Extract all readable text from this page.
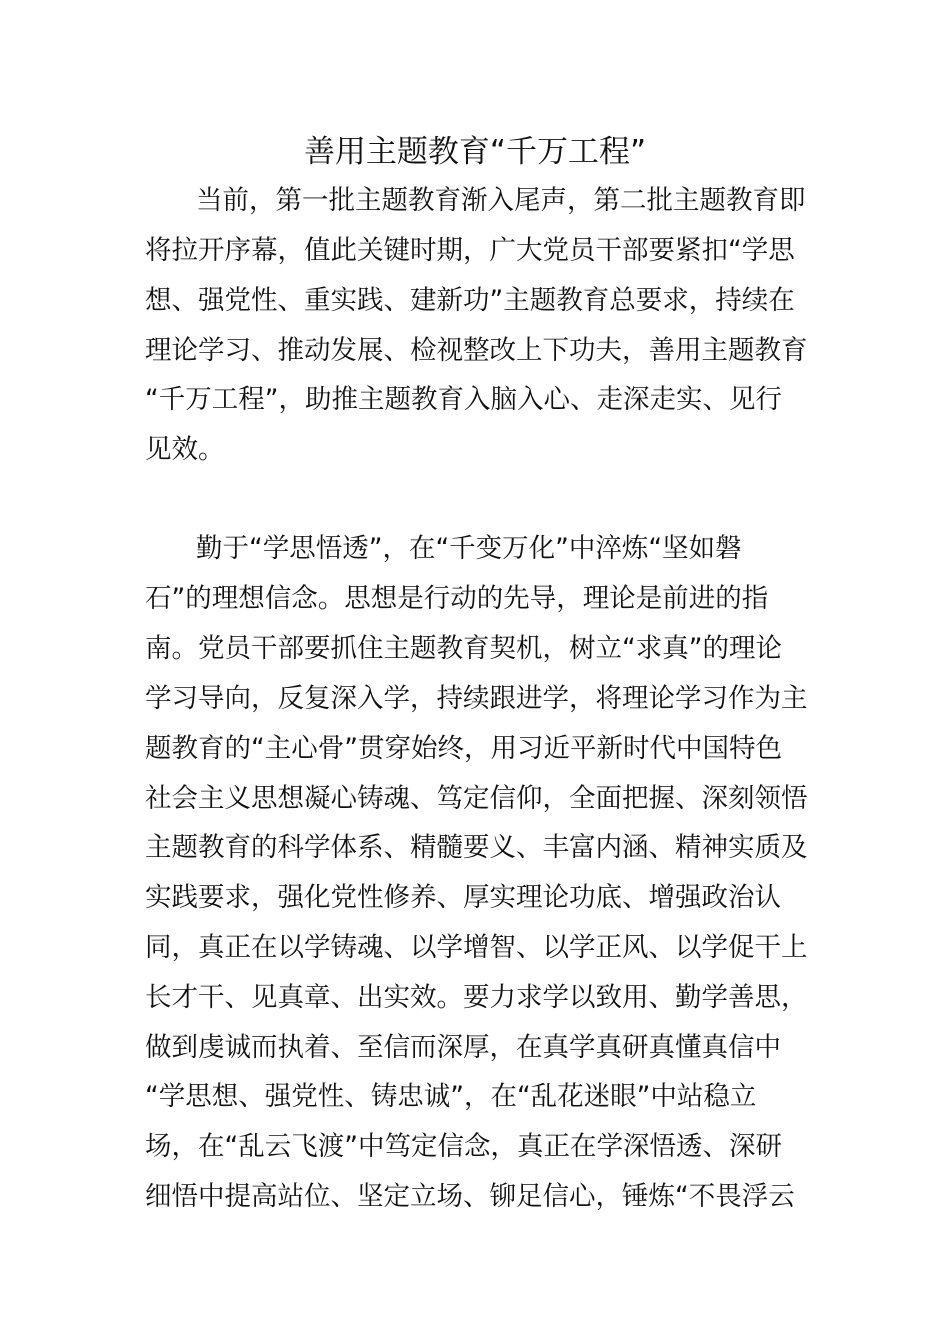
善用主题教育“千万工程”

当前，第一批主题教育渐入尾声，第二批主题教育即

将拉开序幕，值此关键时期，广大党员干部要紧扣“学思

想、强党性、重实践、建新功”主题教育总要求，持续在

理论学习、推动发展、检视整改上下功夫，善用主题教育

“千万工程”，助推主题教育入脑入心、走深走实、见行

见效。

勤于“学思悟透”，在“千变万化”中淬炼“坚如磐

石”的理想信念。思想是行动的先导，理论是前进的指

南。党员干部要抓住主题教育契机，树立“求真”的理论

学习导向，反复深入学，持续跟进学，将理论学习作为主

题教育的“主心骨”贯穿始终，用习近平新时代中国特色

社会主义思想凝心铸魂、笃定信仰，全面把握、深刻领悟

主题教育的科学体系、精髓要义、丰富内涵、精神实质及

实践要求，强化党性修养、厚实理论功底、增强政治认

同，真正在以学铸魂、以学增智、以学正风、以学促干上

长才干、见真章、出实效。要力求学以致用、勤学善思，

做到虔诚而执着、至信而深厚，在真学真研真懂真信中

“学思想、强党性、铸忠诚”，在“乱花迷眼”中站稳立

场，在“乱云飞渡”中笃定信念，真正在学深悟透、深研

细悟中提高站位、坚定立场、铆足信心，锤炼“不畏浮云
